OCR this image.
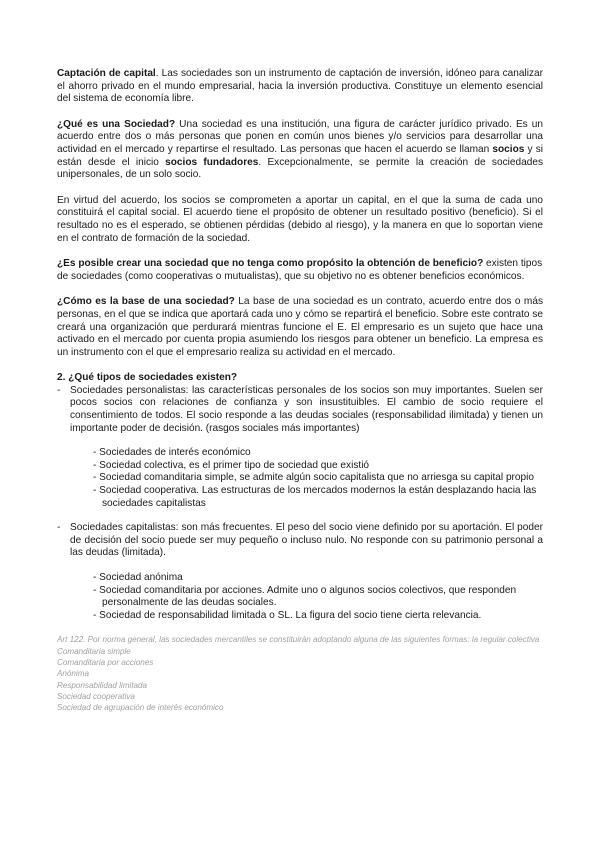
Captación de capital. Las sociedades son un instrumento de captación de inversión, idóneo para canalizar el ahorro privado en el mundo empresarial, hacia la inversión productiva. Constituye un elemento esencial del sistema de economía libre.

¿Qué es una Sociedad? Una sociedad es una institución, una figura de carácter jurídico privado. Es un acuerdo entre dos o más personas que ponen en común unos bienes y/o servicios para desarrollar una actividad en el mercado y repartirse el resultado. Las personas que hacen el acuerdo se llaman socios y si están desde el inicio socios fundadores. Excepcionalmente, se permite la creación de sociedades unipersonales, de un solo socio.

En virtud del acuerdo, los socios se comprometen a aportar un capital, en el que la suma de cada uno constituirá el capital social. El acuerdo tiene el propósito de obtener un resultado positivo (beneficio). Si el resultado no es el esperado, se obtienen pérdidas (debido al riesgo), y la manera en que lo soportan viene en el contrato de formación de la sociedad.

¿Es posible crear una sociedad que no tenga como propósito la obtención de beneficio? existen tipos de sociedades (como cooperativas o mutualistas), que su objetivo no es obtener beneficios económicos.

¿Cómo es la base de una sociedad? La base de una sociedad es un contrato, acuerdo entre dos o más personas, en el que se indica que aportará cada uno y cómo se repartirá el beneficio. Sobre este contrato se creará una organización que perdurará mientras funcione el E. El empresario es un sujeto que hace una activado en el mercado por cuenta propia asumiendo los riesgos para obtener un beneficio. La empresa es un instrumento con el que el empresario realiza su actividad en el mercado.

2. ¿Qué tipos de sociedades existen?
- Sociedades personalistas: las características personales de los socios son muy importantes. Suelen ser pocos socios con relaciones de confianza y son insustituibles. El cambio de socio requiere el consentimiento de todos. El socio responde a las deudas sociales (responsabilidad ilimitada) y tienen un importante poder de decisión. (rasgos sociales más importantes)
- Sociedades de interés económico
- Sociedad colectiva, es el primer tipo de sociedad que existió
- Sociedad comanditaria simple, se admite algún socio capitalista que no arriesga su capital propio
- Sociedad cooperativa. Las estructuras de los mercados modernos la están desplazando hacia las sociedades capitalistas
- Sociedades capitalistas: son más frecuentes. El peso del socio viene definido por su aportación. El poder de decisión del socio puede ser muy pequeño o incluso nulo. No responde con su patrimonio personal a las deudas (limitada).
- Sociedad anónima
- Sociedad comanditaria por acciones. Admite uno o algunos socios colectivos, que responden personalmente de las deudas sociales.
- Sociedad de responsabilidad limitada o SL. La figura del socio tiene cierta relevancia.
Art 122. Por norma general, las sociedades mercantiles se constituirán adoptando alguna de las siguientes formas: la regular colectiva
Comanditaria simple
Comanditaria por acciones
Anónima
Responsabilidad limitada
Sociedad cooperativa
Sociedad de agrupación de interés económico
